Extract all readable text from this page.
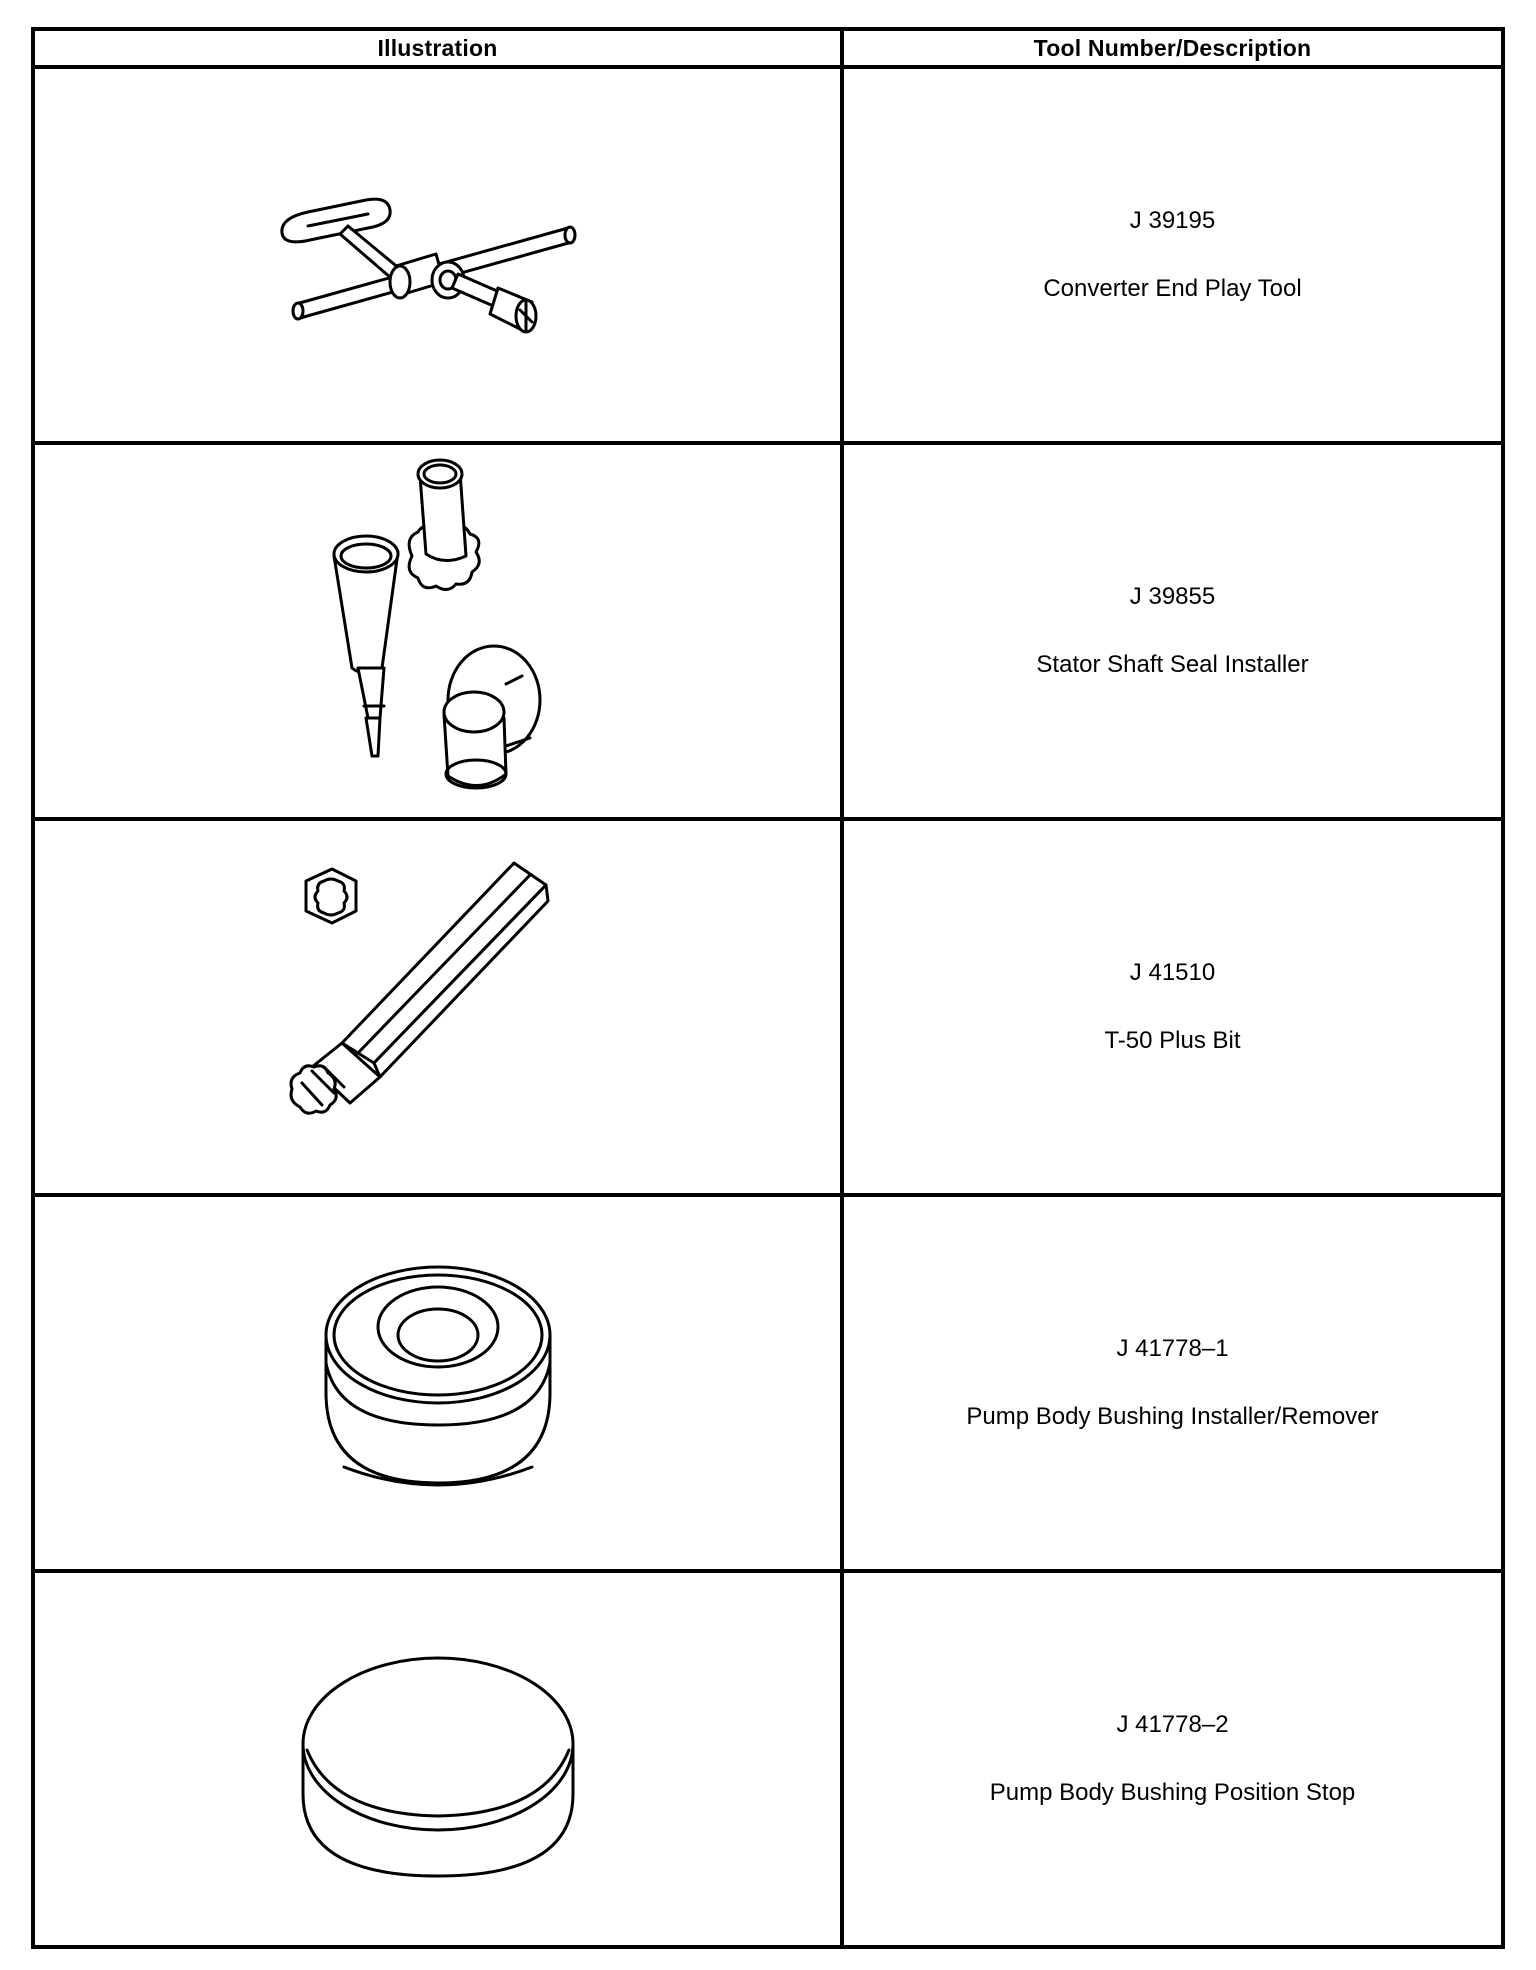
Illustration	Tool Number/Description

J 39195
Converter End Play Tool

J 39855
Stator Shaft Seal Installer

J 41510
T-50 Plus Bit

J 41778–1
Pump Body Bushing Installer/Remover

J 41778–2
Pump Body Bushing Position Stop
